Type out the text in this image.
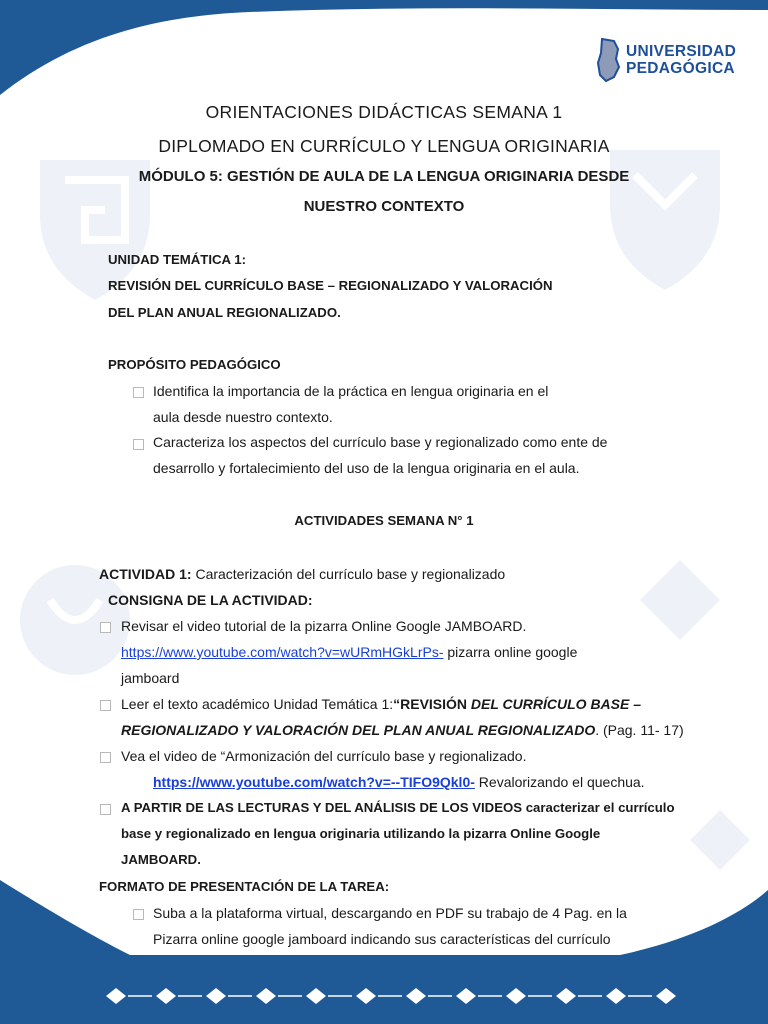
UNIVERSIDAD
PEDAGÓGICA
ORIENTACIONES DIDÁCTICAS SEMANA 1
DIPLOMADO EN CURRÍCULO Y LENGUA ORIGINARIA
MÓDULO 5: GESTIÓN DE AULA DE LA LENGUA ORIGINARIA DESDE
NUESTRO CONTEXTO
UNIDAD TEMÁTICA 1:
REVISIÓN DEL CURRÍCULO BASE – REGIONALIZADO Y VALORACIÓN
DEL PLAN ANUAL REGIONALIZADO.
PROPÓSITO PEDAGÓGICO
Identifica la importancia de la práctica en lengua originaria en el
aula desde nuestro contexto.
Caracteriza los aspectos del currículo base y regionalizado como ente de
desarrollo y fortalecimiento del uso de la lengua originaria en el aula.
ACTIVIDADES SEMANA N° 1
ACTIVIDAD 1: Caracterización del currículo base y regionalizado
CONSIGNA DE LA ACTIVIDAD:
Revisar el video tutorial de la pizarra Online Google JAMBOARD.
https://www.youtube.com/watch?v=wURmHGkLrPs- pizarra online google
jamboard
Leer el texto académico Unidad Temática 1:“REVISIÓN DEL CURRÍCULO BASE –
REGIONALIZADO Y VALORACIÓN DEL PLAN ANUAL REGIONALIZADO. (Pag. 11- 17)
Vea el video de “Armonización del currículo base y regionalizado.
https://www.youtube.com/watch?v=--TIFO9Qkl0- Revalorizando el quechua.
A PARTIR DE LAS LECTURAS Y DEL ANÁLISIS DE LOS VIDEOS caracterizar el currículo
base y regionalizado en lengua originaria utilizando la pizarra Online Google
JAMBOARD.
FORMATO DE PRESENTACIÓN DE LA TAREA:
Suba a la plataforma virtual, descargando en PDF su trabajo de 4 Pag. en la
Pizarra online google jamboard indicando sus características del currículo
